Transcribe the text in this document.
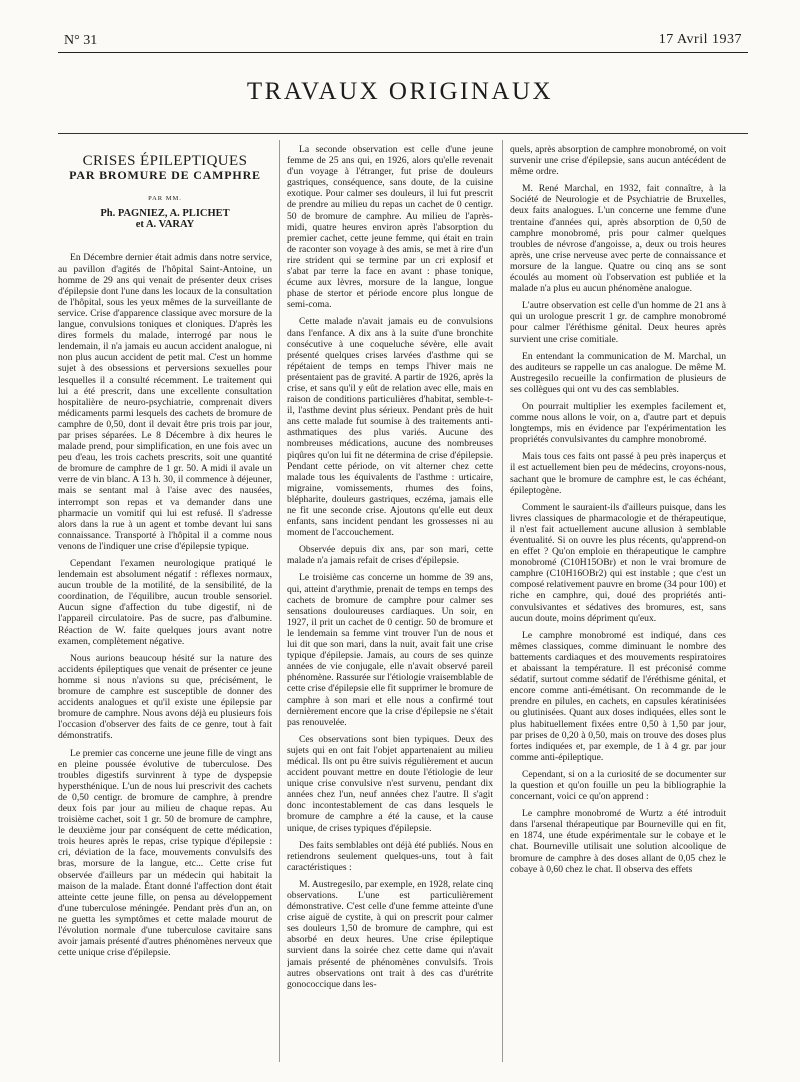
N° 31	17 Avril 1937
TRAVAUX ORIGINAUX
CRISES ÉPILEPTIQUES
PAR BROMURE DE CAMPHRE
PAR MM.
Ph. PAGNIEZ, A. PLICHET
et A. VARAY

En Décembre dernier était admis dans notre service, au pavillon d'agités de l'hôpital Saint-Antoine, un homme de 29 ans qui venait de présenter deux crises d'épilepsie dont l'une dans les locaux de la consultation de l'hôpital, sous les yeux mêmes de la surveillante de service. Crise d'apparence classique avec morsure de la langue, convulsions toniques et cloniques. D'après les dires formels du malade, interrogé par nous le lendemain, il n'a jamais eu aucun accident analogue, ni non plus aucun accident de petit mal. C'est un homme sujet à des obsessions et perversions sexuelles pour lesquelles il a consulté récemment. Le traitement qui lui a été prescrit, dans une excellente consultation hospitalière de neuro-psychiatrie, comprenait divers médicaments parmi lesquels des cachets de bromure de camphre de 0,50, dont il devait être pris trois par jour, par prises séparées. Le 8 Décembre à dix heures le malade prend, pour simplification, en une fois avec un peu d'eau, les trois cachets prescrits, soit une quantité de bromure de camphre de 1 gr. 50. A midi il avale un verre de vin blanc. A 13 h. 30, il commence à déjeuner, mais se sentant mal à l'aise avec des nausées, interrompt son repas et va demander dans une pharmacie un vomitif qui lui est refusé. Il s'adresse alors dans la rue à un agent et tombe devant lui sans connaissance. Transporté à l'hôpital il a comme nous venons de l'indiquer une crise d'épilepsie typique.

Cependant l'examen neurologique pratiqué le lendemain est absolument négatif : réflexes normaux, aucun trouble de la motilité, de la sensibilité, de la coordination, de l'équilibre, aucun trouble sensoriel. Aucun signe d'affection du tube digestif, ni de l'appareil circulatoire. Pas de sucre, pas d'albumine. Réaction de W. faite quelques jours avant notre examen, complètement négative.

Nous aurions beaucoup hésité sur la nature des accidents épileptiques que venait de présenter ce jeune homme si nous n'avions su que, précisément, le bromure de camphre est susceptible de donner des accidents analogues et qu'il existe une épilepsie par bromure de camphre. Nous avons déjà eu plusieurs fois l'occasion d'observer des faits de ce genre, tout à fait démonstratifs.

Le premier cas concerne une jeune fille de vingt ans en pleine poussée évolutive de tuberculose. Des troubles digestifs survinrent à type de dyspepsie hypersthénique. L'un de nous lui prescrivit des cachets de 0,50 centigr. de bromure de camphre, à prendre deux fois par jour au milieu de chaque repas. Au troisième cachet, soit 1 gr. 50 de bromure de camphre, le deuxième jour par conséquent de cette médication, trois heures après le repas, crise typique d'épilepsie : cri, déviation de la face, mouvements convulsifs des bras, morsure de la langue, etc... Cette crise fut observée d'ailleurs par un médecin qui habitait la maison de la malade. Étant donné l'affection dont était atteinte cette jeune fille, on pensa au développement d'une tuberculose méningée. Pendant près d'un an, on ne guetta les symptômes et cette malade mourut de l'évolution normale d'une tuberculose cavitaire sans avoir jamais présenté d'autres phénomènes nerveux que cette unique crise d'épilepsie.

La seconde observation est celle d'une jeune femme de 25 ans qui, en 1926, alors qu'elle revenait d'un voyage à l'étranger, fut prise de douleurs gastriques, conséquence, sans doute, de la cuisine exotique. Pour calmer ses douleurs, il lui fut prescrit de prendre au milieu du repas un cachet de 0 centigr. 50 de bromure de camphre. Au milieu de l'après-midi, quatre heures environ après l'absorption du premier cachet, cette jeune femme, qui était en train de raconter son voyage à des amis, se met à rire d'un rire strident qui se termine par un cri explosif et s'abat par terre la face en avant : phase tonique, écume aux lèvres, morsure de la langue, longue phase de stertor et période encore plus longue de semi-coma.

Cette malade n'avait jamais eu de convulsions dans l'enfance. A dix ans à la suite d'une bronchite consécutive à une coqueluche sévère, elle avait présenté quelques crises larvées d'asthme qui se répétaient de temps en temps l'hiver mais ne présentaient pas de gravité. A partir de 1926, après la crise, et sans qu'il y eût de relation avec elle, mais en raison de conditions particulières d'habitat, semble-t-il, l'asthme devint plus sérieux. Pendant près de huit ans cette malade fut soumise à des traitements anti-asthmatiques des plus variés. Aucune des nombreuses médications, aucune des nombreuses piqûres qu'on lui fit ne détermina de crise d'épilepsie. Pendant cette période, on vit alterner chez cette malade tous les équivalents de l'asthme : urticaire, migraine, vomissements, rhumes des foins, blépharite, douleurs gastriques, eczéma, jamais elle ne fit une seconde crise. Ajoutons qu'elle eut deux enfants, sans incident pendant les grossesses ni au moment de l'accouchement.

Observée depuis dix ans, par son mari, cette malade n'a jamais refait de crises d'épilepsie.

Le troisième cas concerne un homme de 39 ans, qui, atteint d'arythmie, prenait de temps en temps des cachets de bromure de camphre pour calmer ses sensations douloureuses cardiaques. Un soir, en 1927, il prit un cachet de 0 centigr. 50 de bromure et le lendemain sa femme vint trouver l'un de nous et lui dit que son mari, dans la nuit, avait fait une crise typique d'épilepsie. Jamais, au cours de ses quinze années de vie conjugale, elle n'avait observé pareil phénomène. Rassurée sur l'étiologie vraisemblable de cette crise d'épilepsie elle fit supprimer le bromure de camphre à son mari et elle nous a confirmé tout dernièrement encore que la crise d'épilepsie ne s'était pas renouvelée.

Ces observations sont bien typiques. Deux des sujets qui en ont fait l'objet appartenaient au milieu médical. Ils ont pu être suivis régulièrement et aucun accident pouvant mettre en doute l'étiologie de leur unique crise convulsive n'est survenu, pendant dix années chez l'un, neuf années chez l'autre. Il s'agit donc incontestablement de cas dans lesquels le bromure de camphre a été la cause, et la cause unique, de crises typiques d'épilepsie.

Des faits semblables ont déjà été publiés. Nous en retiendrons seulement quelques-uns, tout à fait caractéristiques :

M. Austregesilo, par exemple, en 1928, relate cinq observations. L'une est particulièrement démonstrative. C'est celle d'une femme atteinte d'une crise aiguë de cystite, à qui on prescrit pour calmer ses douleurs 1,50 de bromure de camphre, qui est absorbé en deux heures. Une crise épileptique survient dans la soirée chez cette dame qui n'avait jamais présenté de phénomènes convulsifs. Trois autres observations ont trait à des cas d'urétrite gonococcique dans les-

quels, après absorption de camphre monobromé, on voit survenir une crise d'épilepsie, sans aucun antécédent de même ordre.

M. René Marchal, en 1932, fait connaître, à la Société de Neurologie et de Psychiatrie de Bruxelles, deux faits analogues. L'un concerne une femme d'une trentaine d'années qui, après absorption de 0,50 de camphre monobromé, pris pour calmer quelques troubles de névrose d'angoisse, a, deux ou trois heures après, une crise nerveuse avec perte de connaissance et morsure de la langue. Quatre ou cinq ans se sont écoulés au moment où l'observation est publiée et la malade n'a plus eu aucun phénomène analogue.

L'autre observation est celle d'un homme de 21 ans à qui un urologue prescrit 1 gr. de camphre monobromé pour calmer l'éréthisme génital. Deux heures après survient une crise comitiale.

En entendant la communication de M. Marchal, un des auditeurs se rappelle un cas analogue. De même M. Austregesilo recueille la confirmation de plusieurs de ses collègues qui ont vu des cas semblables.

On pourrait multiplier les exemples facilement et, comme nous allons le voir, on a, d'autre part et depuis longtemps, mis en évidence par l'expérimentation les propriétés convulsivantes du camphre monobromé.

Mais tous ces faits ont passé à peu près inaperçus et il est actuellement bien peu de médecins, croyons-nous, sachant que le bromure de camphre est, le cas échéant, épileptogène.

Comment le sauraient-ils d'ailleurs puisque, dans les livres classiques de pharmacologie et de thérapeutique, il n'est fait actuellement aucune allusion à semblable éventualité. Si on ouvre les plus récents, qu'apprend-on en effet ? Qu'on emploie en thérapeutique le camphre monobromé (C10H15OBr) et non le vrai bromure de camphre (C10H16OBr2) qui est instable ; que c'est un composé relativement pauvre en brome (34 pour 100) et riche en camphre, qui, doué des propriétés anti-convulsivantes et sédatives des bromures, est, sans aucun doute, moins dépriment qu'eux.

Le camphre monobromé est indiqué, dans ces mêmes classiques, comme diminuant le nombre des battements cardiaques et des mouvements respiratoires et abaissant la température. Il est préconisé comme sédatif, surtout comme sédatif de l'éréthisme génital, et encore comme anti-émétisant. On recommande de le prendre en pilules, en cachets, en capsules kératinisées ou glutinisées. Quant aux doses indiquées, elles sont le plus habituellement fixées entre 0,50 à 1,50 par jour, par prises de 0,20 à 0,50, mais on trouve des doses plus fortes indiquées et, par exemple, de 1 à 4 gr. par jour comme anti-épileptique.

Cependant, si on a la curiosité de se documenter sur la question et qu'on fouille un peu la bibliographie la concernant, voici ce qu'on apprend :

Le camphre monobromé de Wurtz a été introduit dans l'arsenal thérapeutique par Bourneville qui en fit, en 1874, une étude expérimentale sur le cobaye et le chat. Bourneville utilisait une solution alcoolique de bromure de camphre à des doses allant de 0,05 chez le cobaye à 0,60 chez le chat. Il observa des effets
